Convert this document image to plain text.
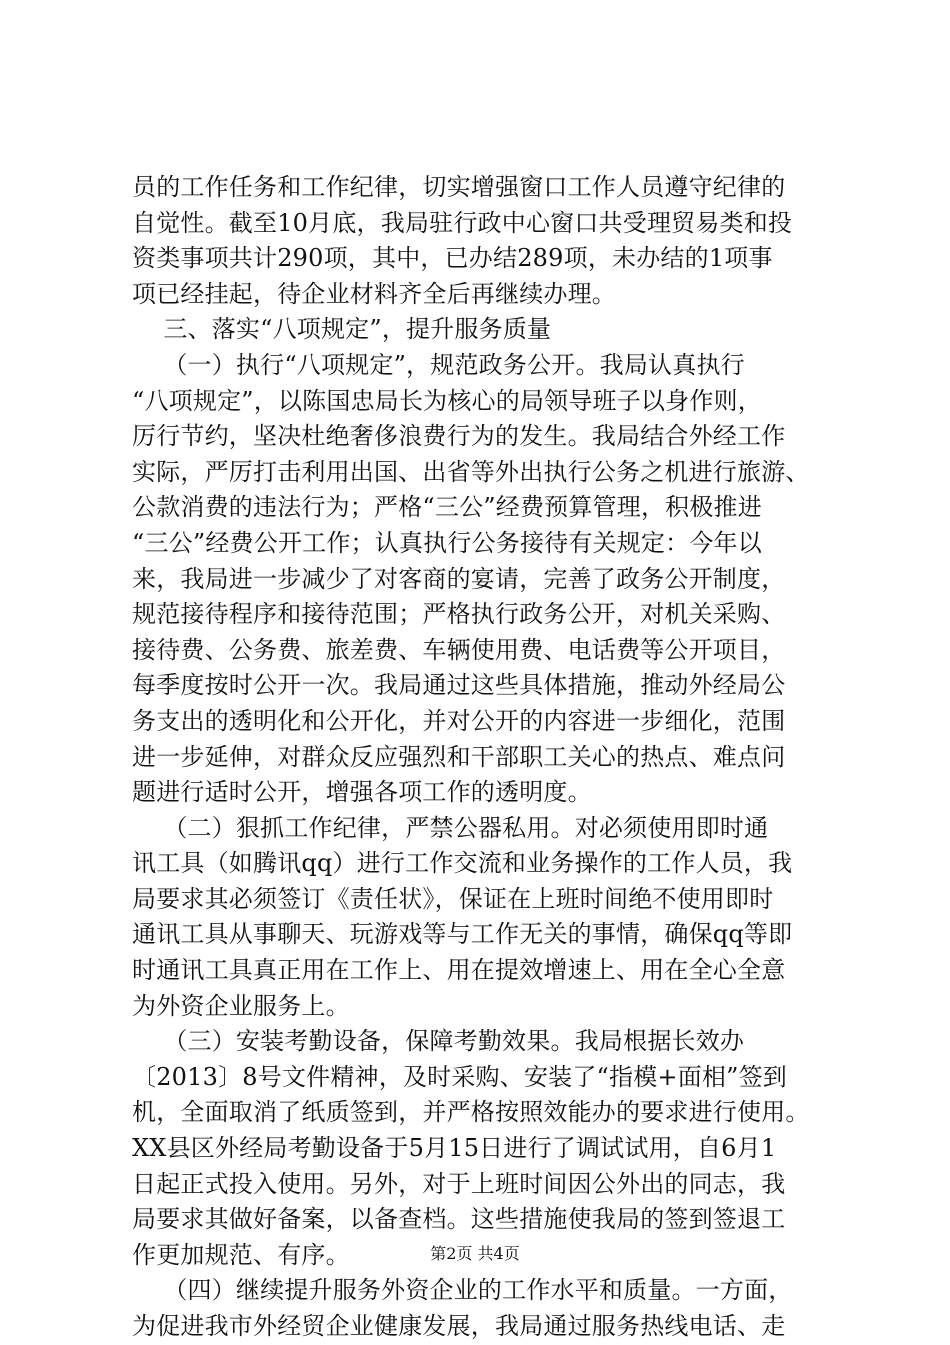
员的工作任务和工作纪律，切实增强窗口工作人员遵守纪律的
自觉性。截至10月底，我局驻行政中心窗口共受理贸易类和投
资类事项共计290项，其中，已办结289项，未办结的1项事
项已经挂起，待企业材料齐全后再继续办理。
三、落实“八项规定”，提升服务质量
（一）执行“八项规定”，规范政务公开。我局认真执行
“八项规定”，以陈国忠局长为核心的局领导班子以身作则，
厉行节约，坚决杜绝奢侈浪费行为的发生。我局结合外经工作
实际，严厉打击利用出国、出省等外出执行公务之机进行旅游、
公款消费的违法行为；严格“三公”经费预算管理，积极推进
“三公”经费公开工作；认真执行公务接待有关规定：今年以
来，我局进一步减少了对客商的宴请，完善了政务公开制度，
规范接待程序和接待范围；严格执行政务公开，对机关采购、
接待费、公务费、旅差费、车辆使用费、电话费等公开项目，
每季度按时公开一次。我局通过这些具体措施，推动外经局公
务支出的透明化和公开化，并对公开的内容进一步细化，范围
进一步延伸，对群众反应强烈和干部职工关心的热点、难点问
题进行适时公开，增强各项工作的透明度。
（二）狠抓工作纪律，严禁公器私用。对必须使用即时通
讯工具（如腾讯qq）进行工作交流和业务操作的工作人员，我
局要求其必须签订《责任状》，保证在上班时间绝不使用即时
通讯工具从事聊天、玩游戏等与工作无关的事情，确保qq等即
时通讯工具真正用在工作上、用在提效增速上、用在全心全意
为外资企业服务上。
（三）安装考勤设备，保障考勤效果。我局根据长效办
〔2013〕8号文件精神，及时采购、安装了“指模+面相”签到
机，全面取消了纸质签到，并严格按照效能办的要求进行使用。
XX县区外经局考勤设备于5月15日进行了调试试用，自6月1
日起正式投入使用。另外，对于上班时间因公外出的同志，我
局要求其做好备案，以备查档。这些措施使我局的签到签退工
作更加规范、有序。
（四）继续提升服务外资企业的工作水平和质量。一方面，
为促进我市外经贸企业健康发展，我局通过服务热线电话、走
第2页 共4页
